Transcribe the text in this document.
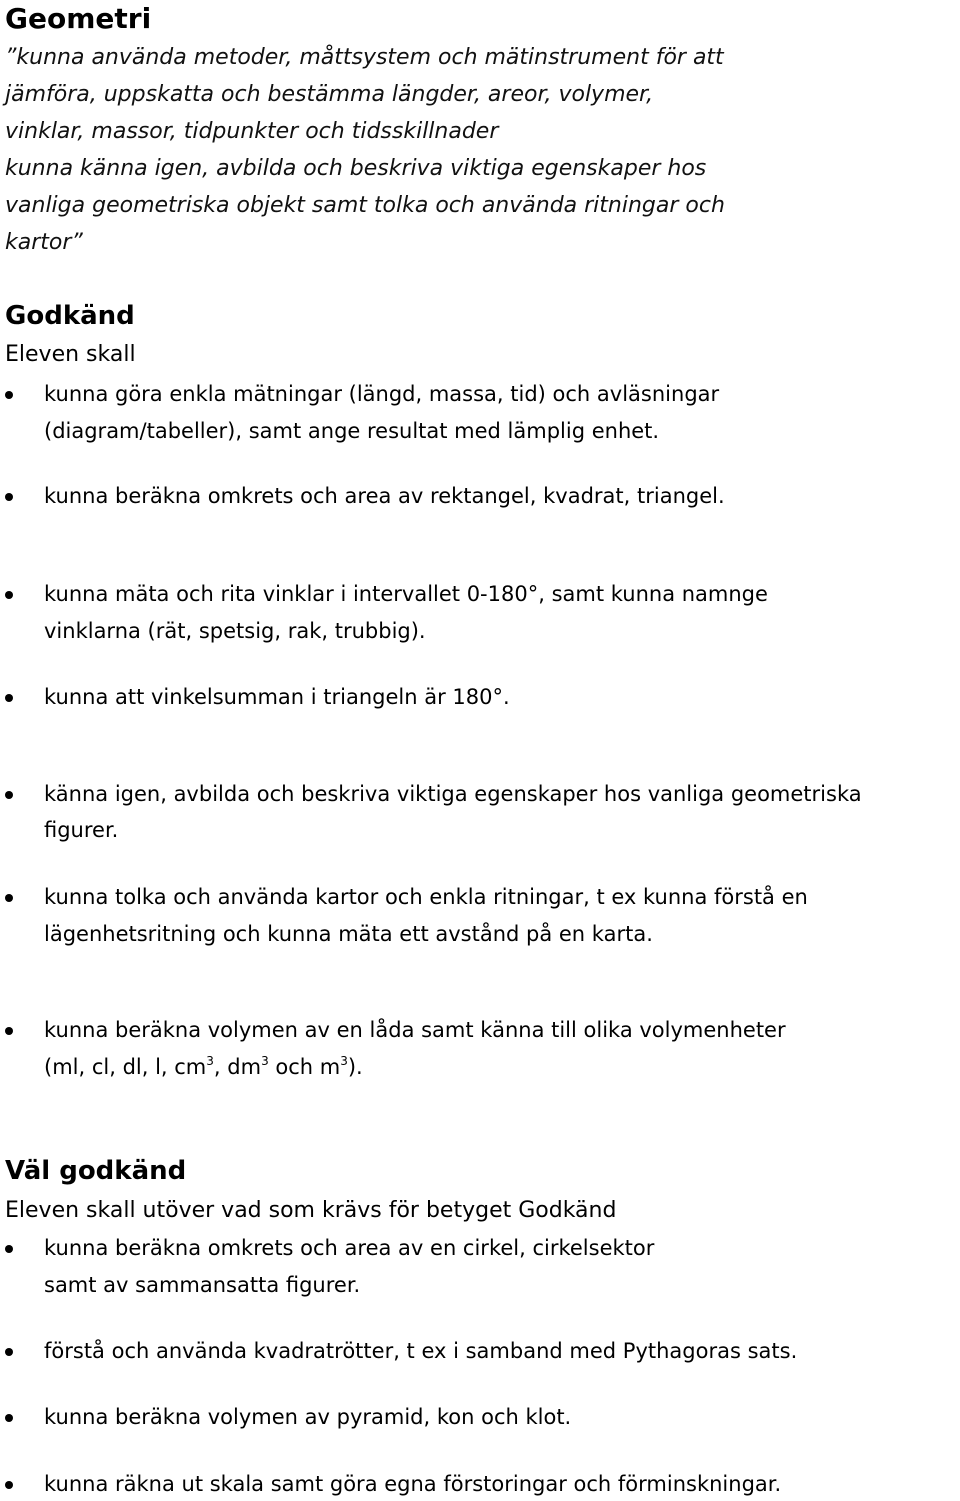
Geometri
”kunna använda metoder, måttsystem och mätinstrument för att
jämföra, uppskatta och bestämma längder, areor, volymer,
vinklar, massor, tidpunkter och tidsskillnader
kunna känna igen, avbilda och beskriva viktiga egenskaper hos
vanliga geometriska objekt samt tolka och använda ritningar och
kartor”
Godkänd
Eleven skall
kunna göra enkla mätningar (längd, massa, tid) och avläsningar
(diagram/tabeller), samt ange resultat med lämplig enhet.
kunna beräkna omkrets och area av rektangel, kvadrat, triangel.
kunna mäta och rita vinklar i intervallet 0-180°, samt kunna namnge
vinklarna (rät, spetsig, rak, trubbig).
kunna att vinkelsumman i triangeln är 180°.
känna igen, avbilda och beskriva viktiga egenskaper hos vanliga geometriska
figurer.
kunna tolka och använda kartor och enkla ritningar, t ex kunna förstå en
lägenhetsritning och kunna mäta ett avstånd på en karta.
kunna beräkna volymen av en låda samt känna till olika volymenheter
(ml, cl, dl, l, $cm^3$, $dm^3$ och $m^3$).
Väl godkänd
Eleven skall utöver vad som krävs för betyget Godkänd
kunna beräkna omkrets och area av en cirkel, cirkelsektor
samt av sammansatta figurer.
förstå och använda kvadratrötter, t ex i samband med Pythagoras sats.
kunna beräkna volymen av pyramid, kon och klot.
kunna räkna ut skala samt göra egna förstoringar och förminskningar.
